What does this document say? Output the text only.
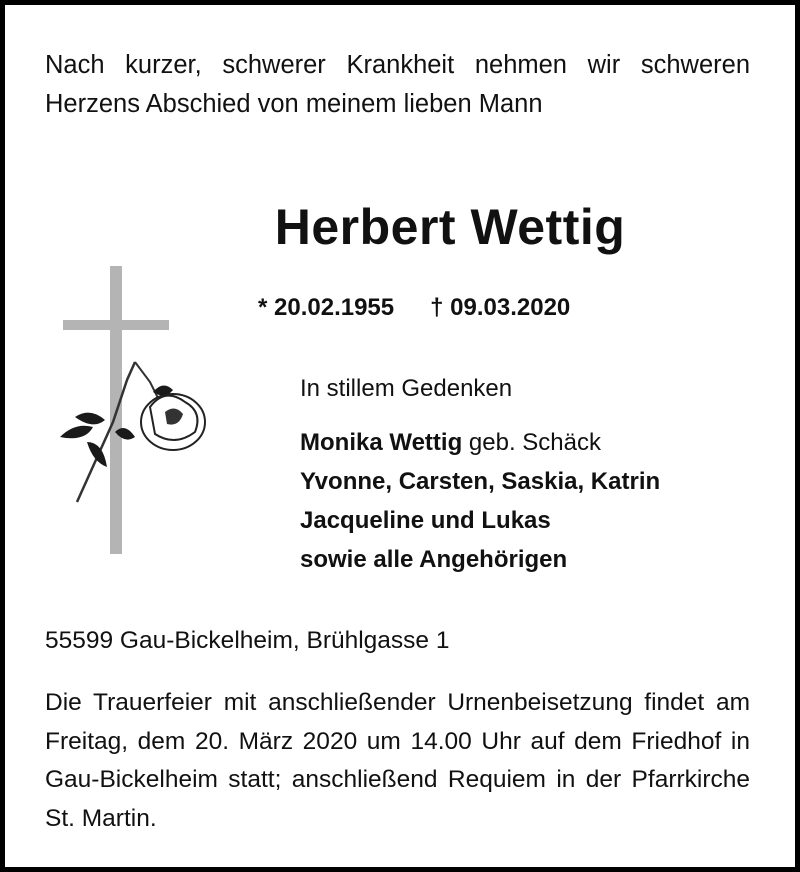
Nach kurzer, schwerer Krankheit nehmen wir schweren Herzens Abschied von meinem lieben Mann
Herbert Wettig
* 20.02.1955 † 09.03.2020
In stillem Gedenken
Monika Wettig geb. Schäck
Yvonne, Carsten, Saskia, Katrin
Jacqueline und Lukas
sowie alle Angehörigen
55599 Gau-Bickelheim, Brühlgasse 1
Die Trauerfeier mit anschließender Urnenbeisetzung findet am Freitag, dem 20. März 2020 um 14.00 Uhr auf dem Friedhof in Gau-Bickelheim statt; anschließend Requiem in der Pfarrkirche St. Martin.
